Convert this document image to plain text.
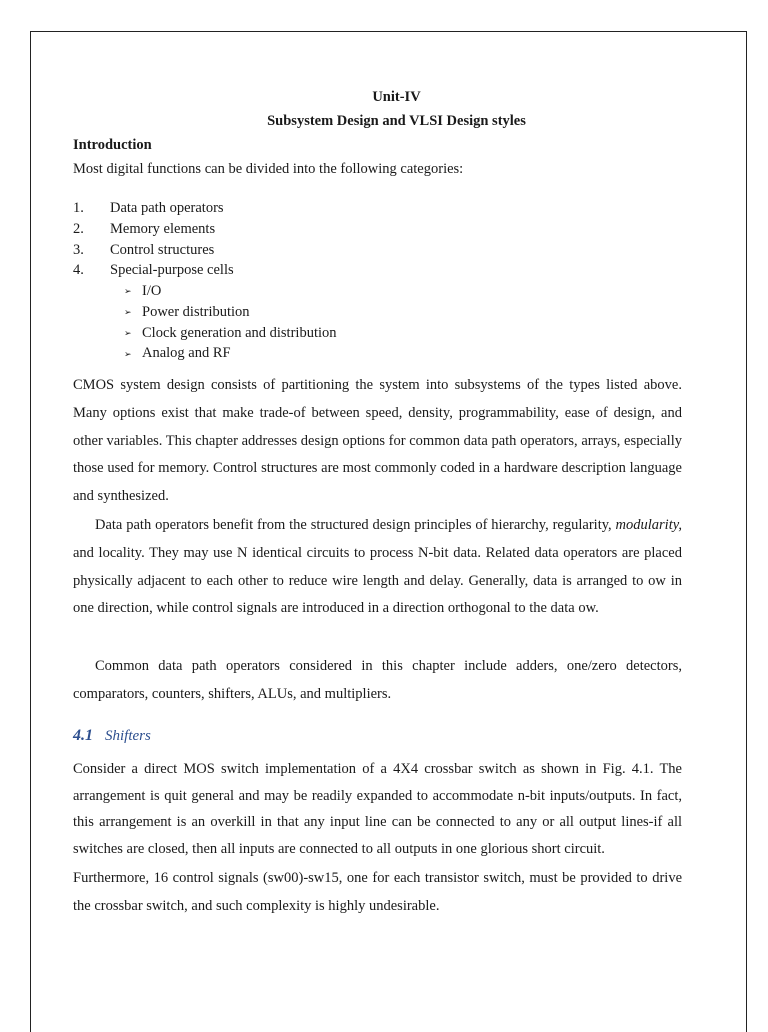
Unit-IV
Subsystem Design and VLSI Design styles
Introduction
Most digital functions can be divided into the following categories:
1. Data path operators
2. Memory elements
3. Control structures
4. Special-purpose cells
➢ I/O
➢ Power distribution
➢ Clock generation and distribution
➢ Analog and RF

CMOS system design consists of partitioning the system into subsystems of the types listed above. Many options exist that make trade-of between speed, density, programmability, ease of design, and other variables. This chapter addresses design options for common data path operators, arrays, especially those used for memory. Control structures are most commonly coded in a hardware description language and synthesized.

Data path operators benefit from the structured design principles of hierarchy, regularity, modularity, and locality. They may use N identical circuits to process N-bit data. Related data operators are placed physically adjacent to each other to reduce wire length and delay. Generally, data is arranged to ow in one direction, while control signals are introduced in a direction orthogonal to the data ow.

Common data path operators considered in this chapter include adders, one/zero detectors, comparators, counters, shifters, ALUs, and multipliers.

4.1 Shifters

Consider a direct MOS switch implementation of a 4X4 crossbar switch as shown in Fig. 4.1. The arrangement is quit general and may be readily expanded to accommodate n-bit inputs/outputs. In fact, this arrangement is an overkill in that any input line can be connected to any or all output lines-if all switches are closed, then all inputs are connected to all outputs in one glorious short circuit.

Furthermore, 16 control signals (sw00)-sw15, one for each transistor switch, must be provided to drive the crossbar switch, and such complexity is highly undesirable.
